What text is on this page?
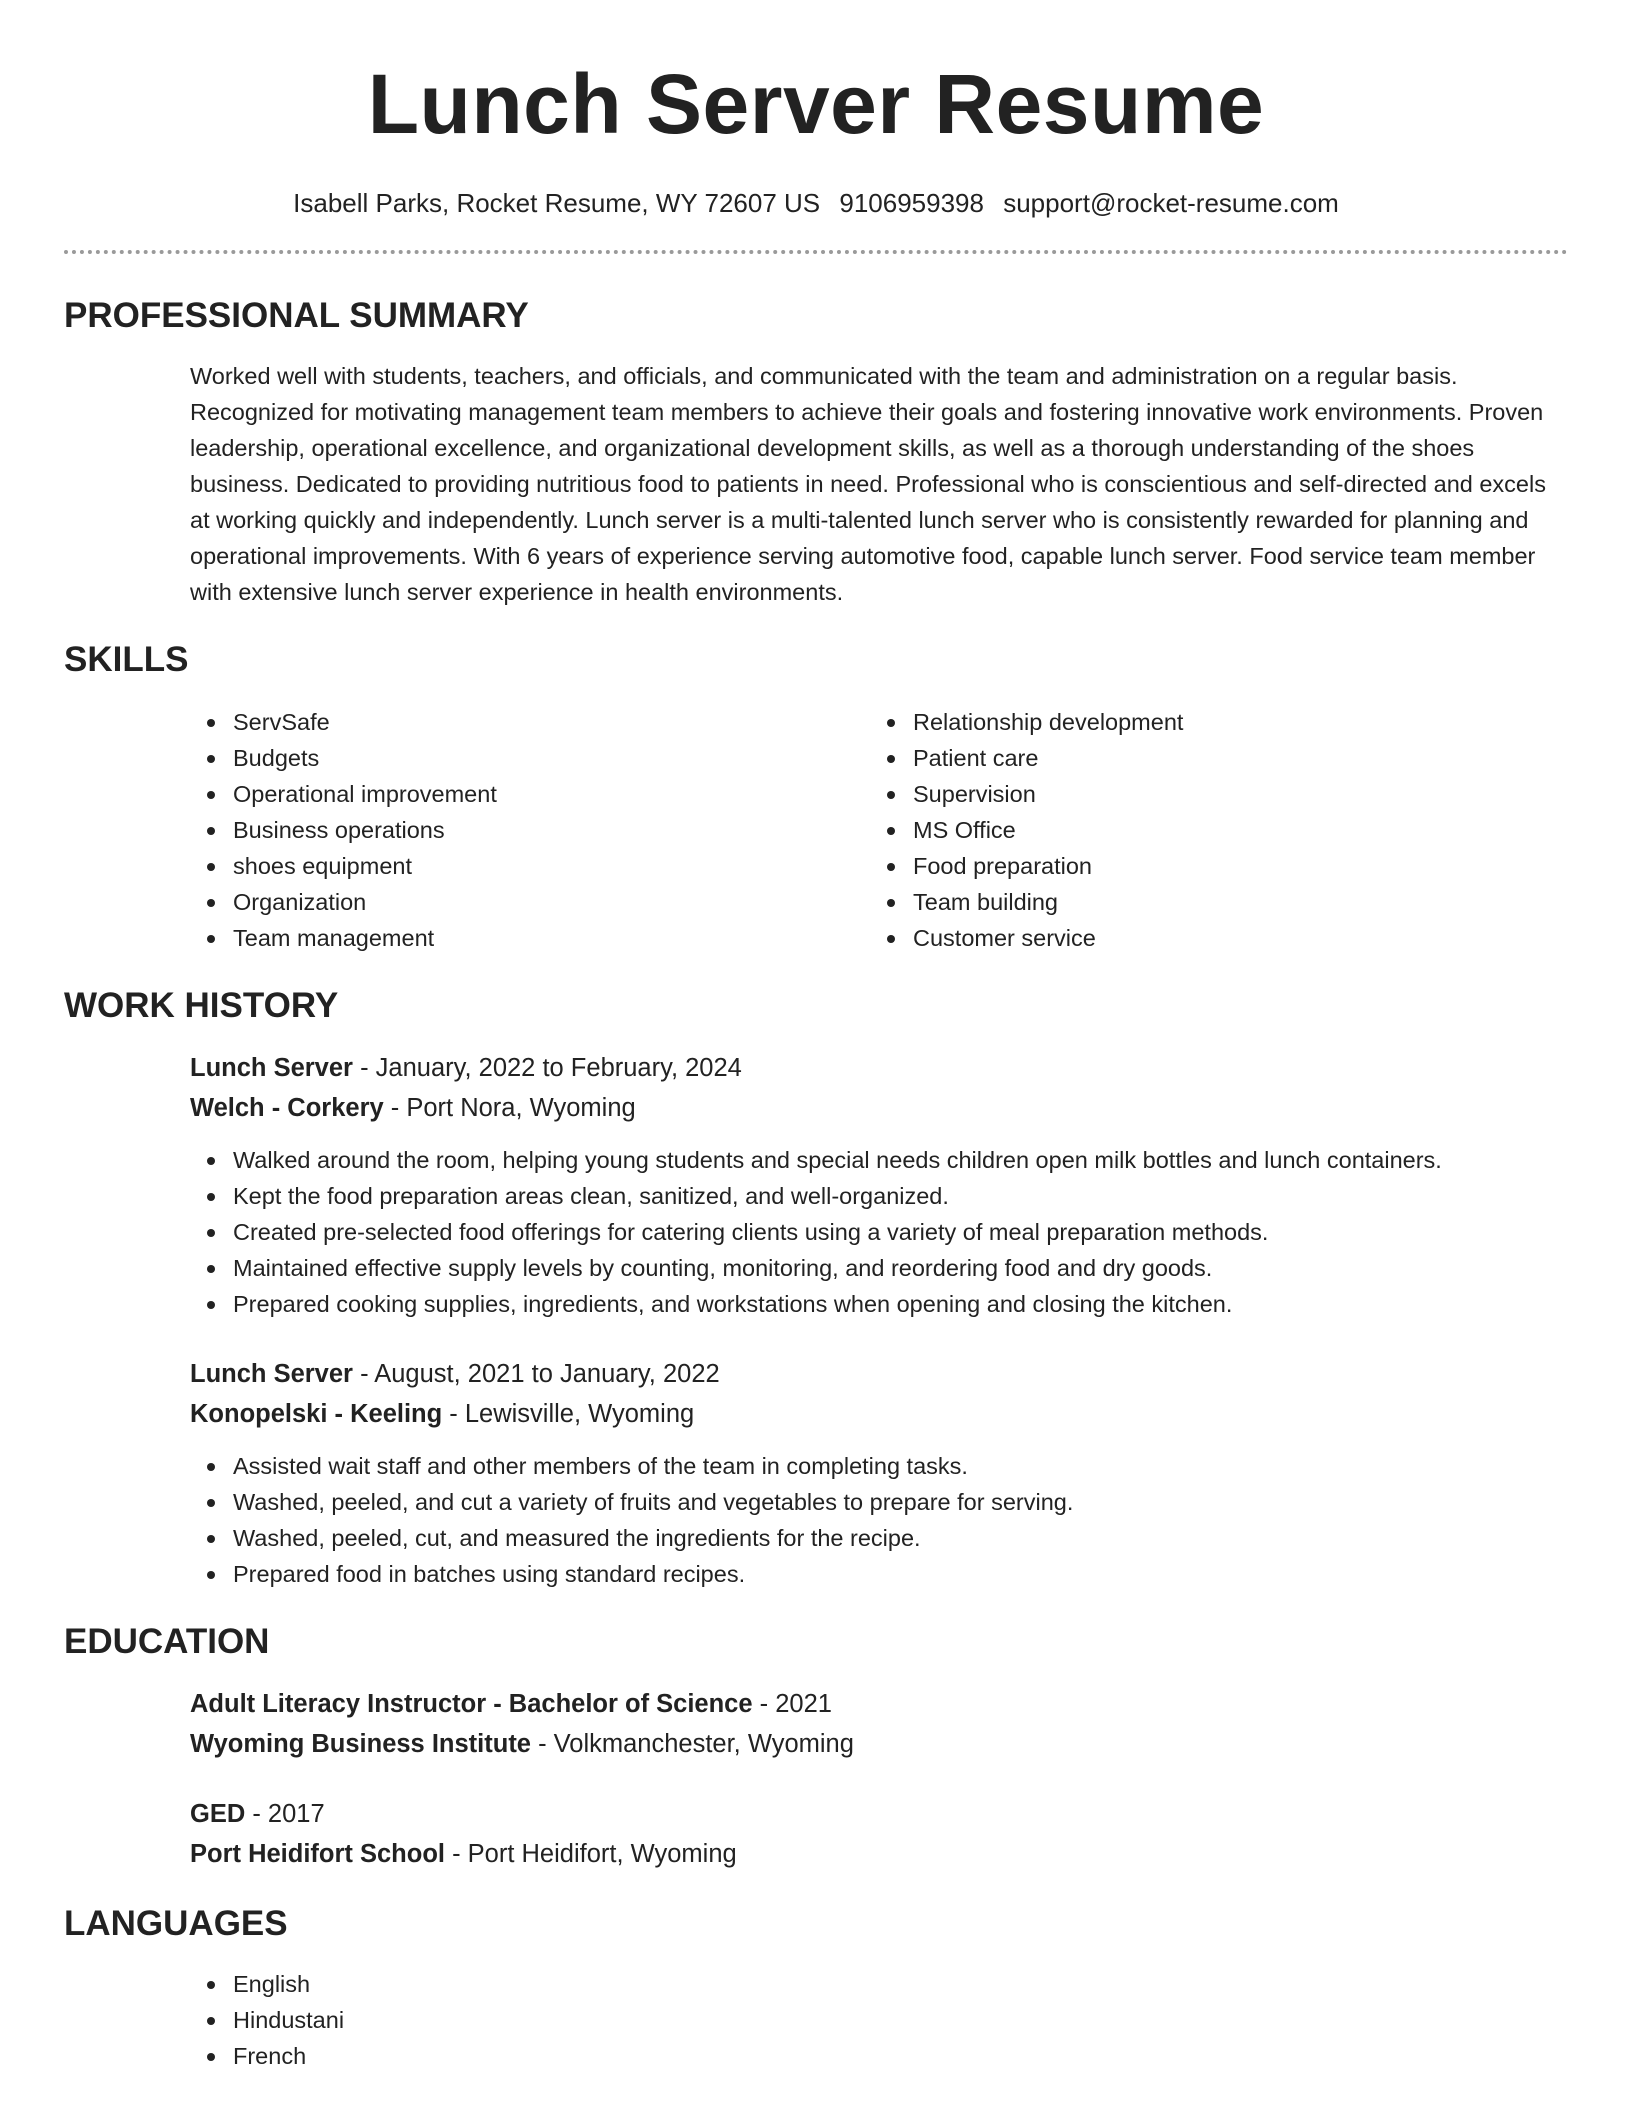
Lunch Server Resume
Isabell Parks, Rocket Resume, WY 72607 US 9106959398 support@rocket-resume.com
PROFESSIONAL SUMMARY

Worked well with students, teachers, and officials, and communicated with the team and administration on a regular basis. Recognized for motivating management team members to achieve their goals and fostering innovative work environments. Proven leadership, operational excellence, and organizational development skills, as well as a thorough understanding of the shoes business. Dedicated to providing nutritious food to patients in need. Professional who is conscientious and self-directed and excels at working quickly and independently. Lunch server is a multi-talented lunch server who is consistently rewarded for planning and operational improvements. With 6 years of experience serving automotive food, capable lunch server. Food service team member with extensive lunch server experience in health environments.

SKILLS
ServSafe
Budgets
Operational improvement
Business operations
shoes equipment
Organization
Team management
Relationship development
Patient care
Supervision
MS Office
Food preparation
Team building
Customer service
WORK HISTORY
Lunch Server - January, 2022 to February, 2024
Welch - Corkery - Port Nora, Wyoming
Walked around the room, helping young students and special needs children open milk bottles and lunch containers.
Kept the food preparation areas clean, sanitized, and well-organized.
Created pre-selected food offerings for catering clients using a variety of meal preparation methods.
Maintained effective supply levels by counting, monitoring, and reordering food and dry goods.
Prepared cooking supplies, ingredients, and workstations when opening and closing the kitchen.
Lunch Server - August, 2021 to January, 2022
Konopelski - Keeling - Lewisville, Wyoming
Assisted wait staff and other members of the team in completing tasks.
Washed, peeled, and cut a variety of fruits and vegetables to prepare for serving.
Washed, peeled, cut, and measured the ingredients for the recipe.
Prepared food in batches using standard recipes.
EDUCATION
Adult Literacy Instructor - Bachelor of Science - 2021
Wyoming Business Institute - Volkmanchester, Wyoming
GED - 2017
Port Heidifort School - Port Heidifort, Wyoming
LANGUAGES
English
Hindustani
French
